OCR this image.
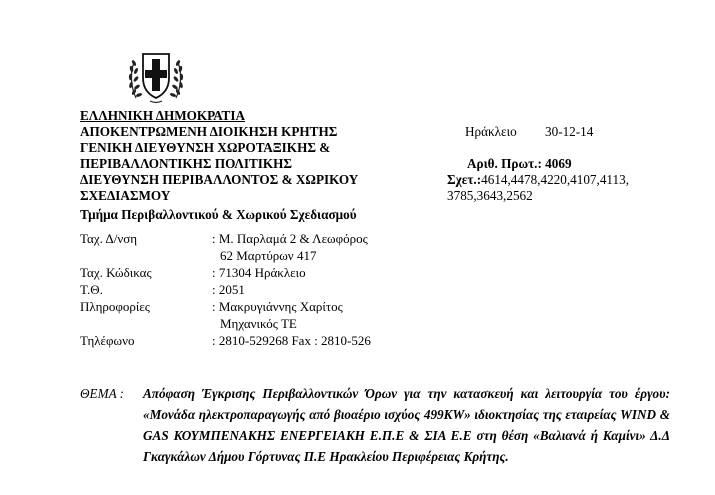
ΕΛΛΗΝΙΚΗ ΔΗΜΟΚΡΑΤΙΑ
ΑΠΟΚΕΝΤΡΩΜΕΝΗ ΔΙΟΙΚΗΣΗ ΚΡΗΤΗΣ
ΓΕΝΙΚΗ ΔΙΕΥΘΥΝΣΗ ΧΩΡΟΤΑΞΙΚΗΣ &
ΠΕΡΙΒΑΛΛΟΝΤΙΚΗΣ ΠΟΛΙΤΙΚΗΣ
ΔΙΕΥΘΥΝΣΗ ΠΕΡΙΒΑΛΛΟΝΤΟΣ & ΧΩΡΙΚΟΥ
ΣΧΕΔΙΑΣΜΟΥ
Τμήμα Περιβαλλοντικού & Χωρικού Σχεδιασμού
Ηράκλειο 30-12-14
Αριθ. Πρωτ.: 4069
Σχετ.:4614,4478,4220,4107,4113,
3785,3643,2562
Ταχ. Δ/νση	: Μ. Παρλαμά 2 & Λεωφόρος
62 Μαρτύρων 417
Ταχ. Κώδικας	: 71304 Ηράκλειο
Τ.Θ.	: 2051
Πληροφορίες	: Μακρυγιάννης Χαρίτος
Μηχανικός ΤΕ
Τηλέφωνο	: 2810-529268 Fax : 2810-526
ΘΕΜΑ : Απόφαση Έγκρισης Περιβαλλοντικών Όρων για την κατασκευή και λειτουργία του έργου: «Μονάδα ηλεκτροπαραγωγής από βιοαέριο ισχύος 499KW» ιδιοκτησίας της εταιρείας WIND & GAS ΚΟΥΜΠΕΝΑΚΗΣ ΕΝΕΡΓΕΙΑΚΗ Ε.Π.Ε & ΣΙΑ Ε.Ε στη θέση «Βαλιανά ή Καμίνι» Δ.Δ Γκαγκάλων Δήμου Γόρτυνας Π.Ε Ηρακλείου Περιφέρειας Κρήτης.
